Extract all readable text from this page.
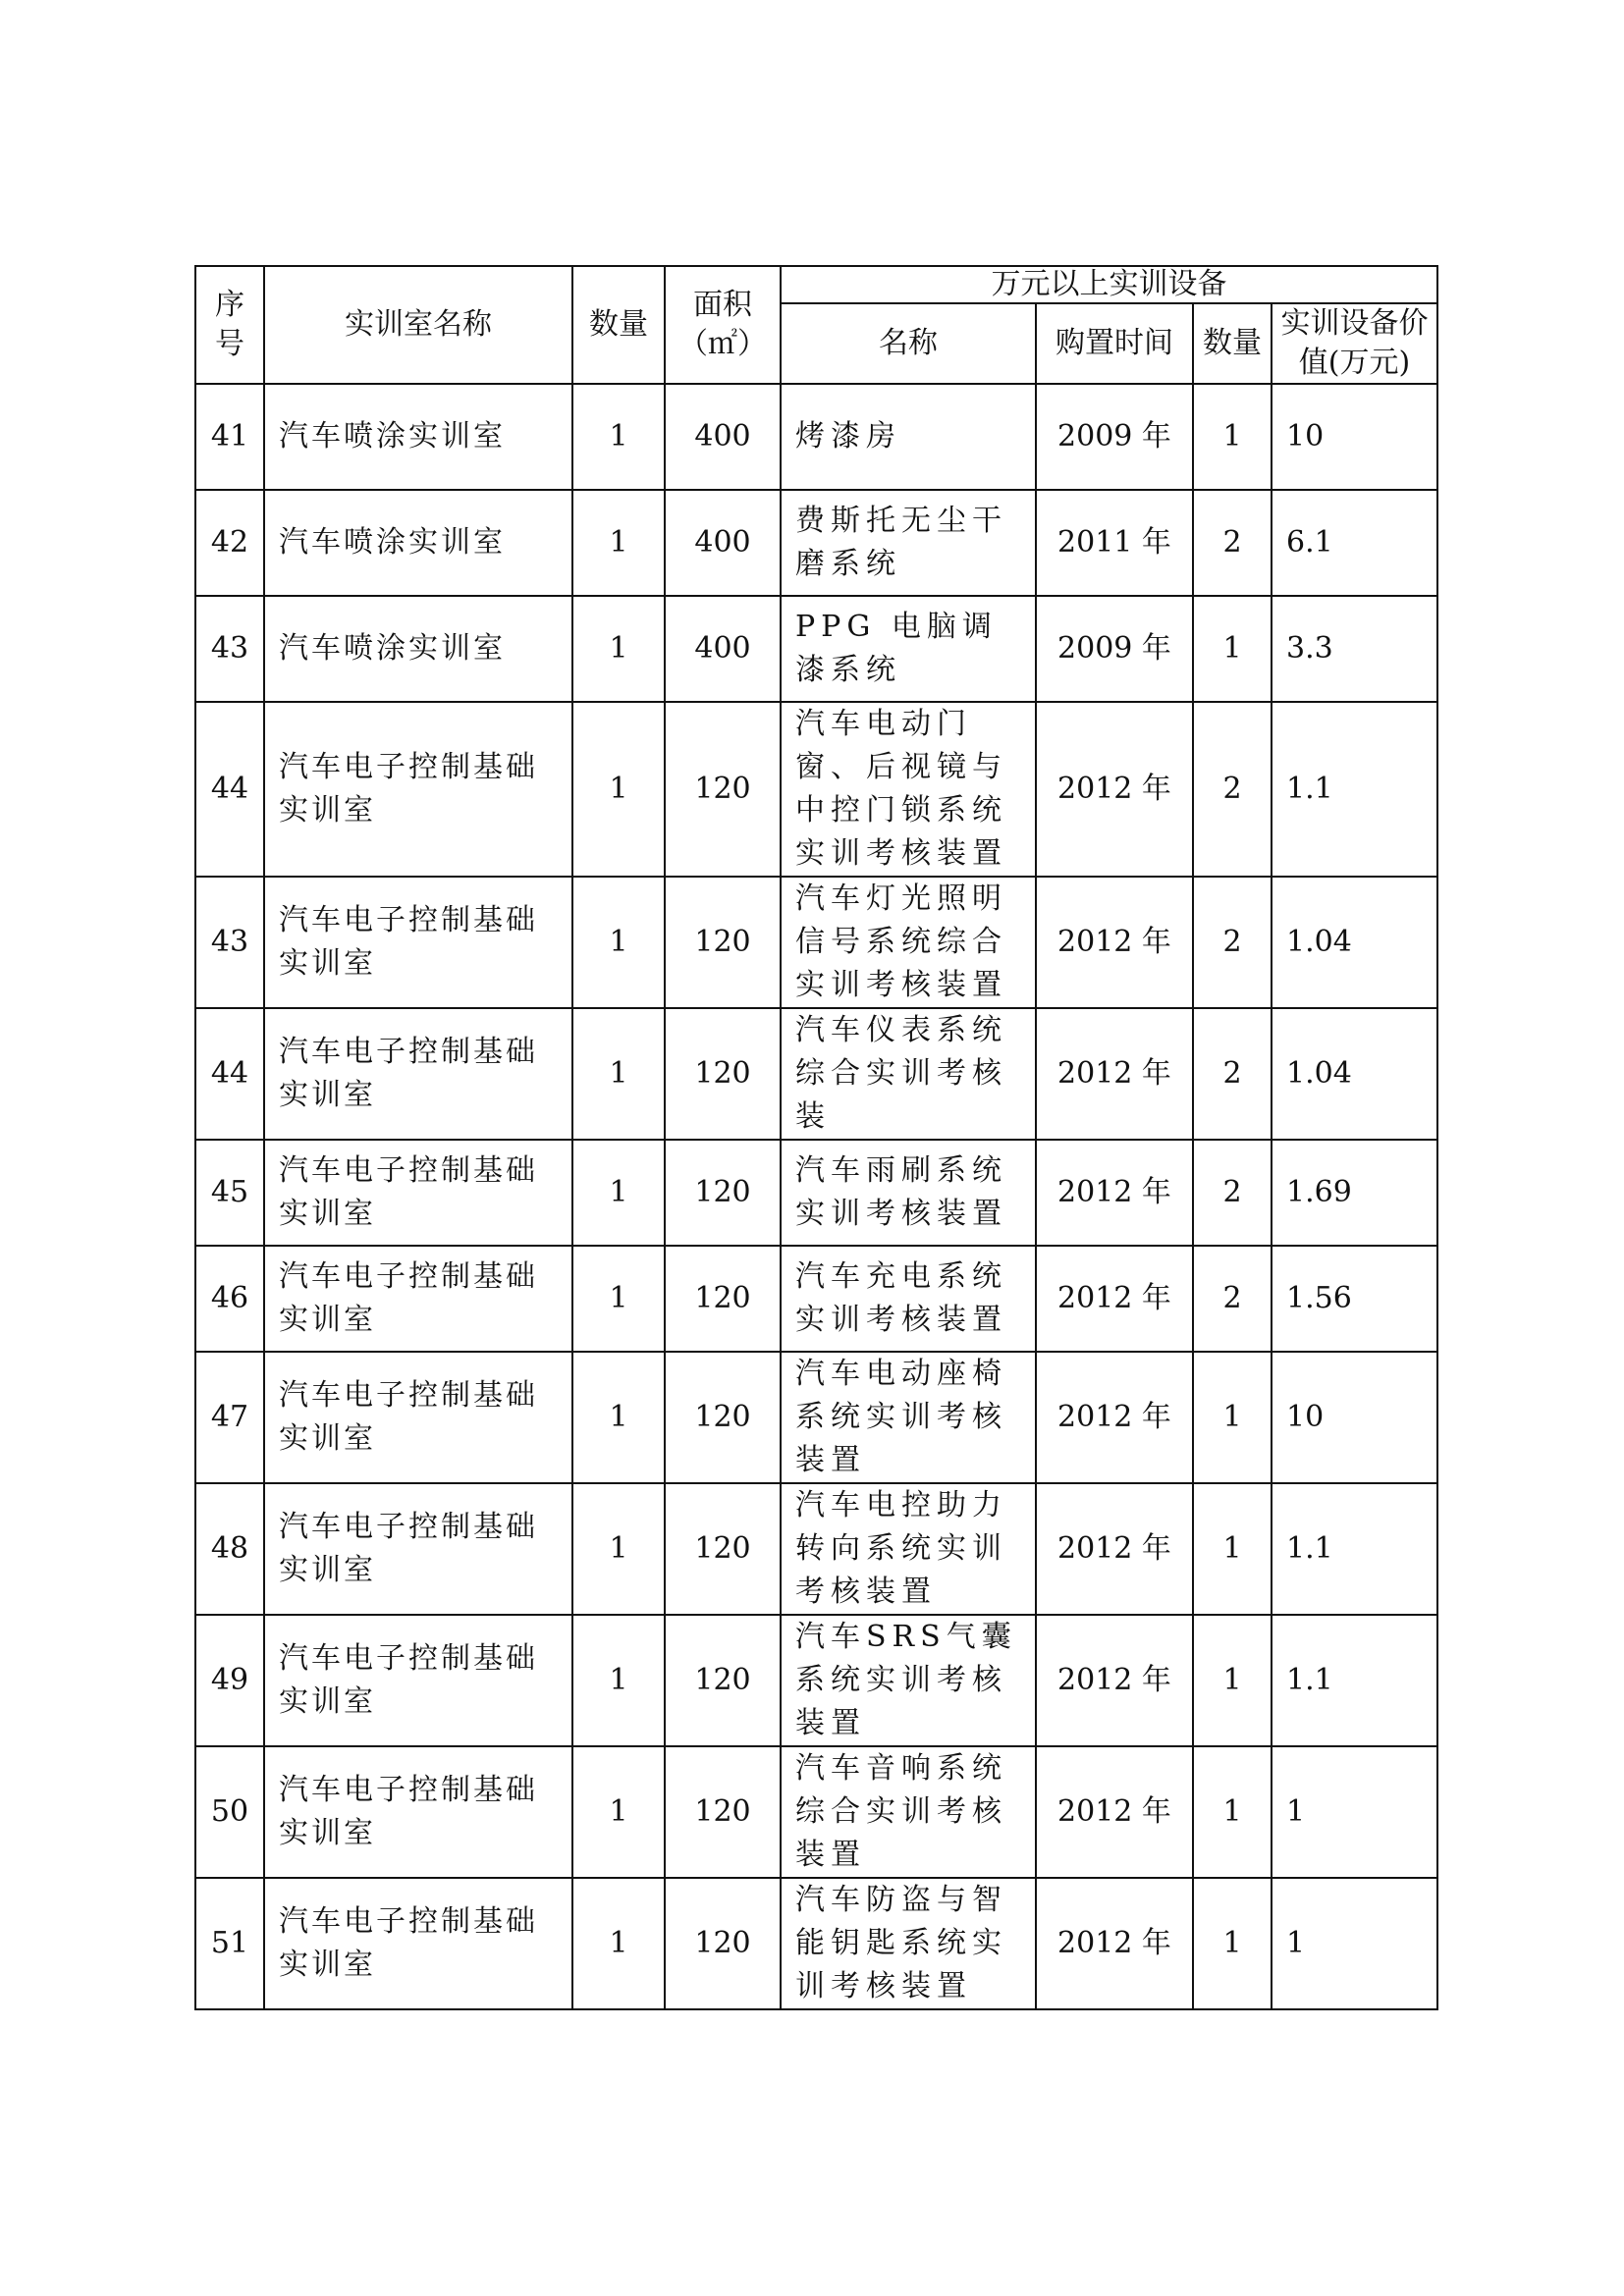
序号	实训室名称	数量	面积（㎡）	万元以上实训设备			
				名称	购置时间	数量	实训设备价值(万元)
41	汽车喷涂实训室	1	400	烤漆房	2009 年	1	10
42	汽车喷涂实训室	1	400	费斯托无尘干磨系统	2011 年	2	6.1
43	汽车喷涂实训室	1	400	PPG 电脑调漆系统	2009 年	1	3.3
44	汽车电子控制基础实训室	1	120	汽车电动门窗、后视镜与中控门锁系统实训考核装置	2012 年	2	1.1
43	汽车电子控制基础实训室	1	120	汽车灯光照明信号系统综合实训考核装置	2012 年	2	1.04
44	汽车电子控制基础实训室	1	120	汽车仪表系统综合实训考核装	2012 年	2	1.04
45	汽车电子控制基础实训室	1	120	汽车雨刷系统实训考核装置	2012 年	2	1.69
46	汽车电子控制基础实训室	1	120	汽车充电系统实训考核装置	2012 年	2	1.56
47	汽车电子控制基础实训室	1	120	汽车电动座椅系统实训考核装置	2012 年	1	10
48	汽车电子控制基础实训室	1	120	汽车电控助力转向系统实训考核装置	2012 年	1	1.1
49	汽车电子控制基础实训室	1	120	汽车SRS气囊系统实训考核装置	2012 年	1	1.1
50	汽车电子控制基础实训室	1	120	汽车音响系统综合实训考核装置	2012 年	1	1
51	汽车电子控制基础实训室	1	120	汽车防盗与智能钥匙系统实训考核装置	2012 年	1	1
